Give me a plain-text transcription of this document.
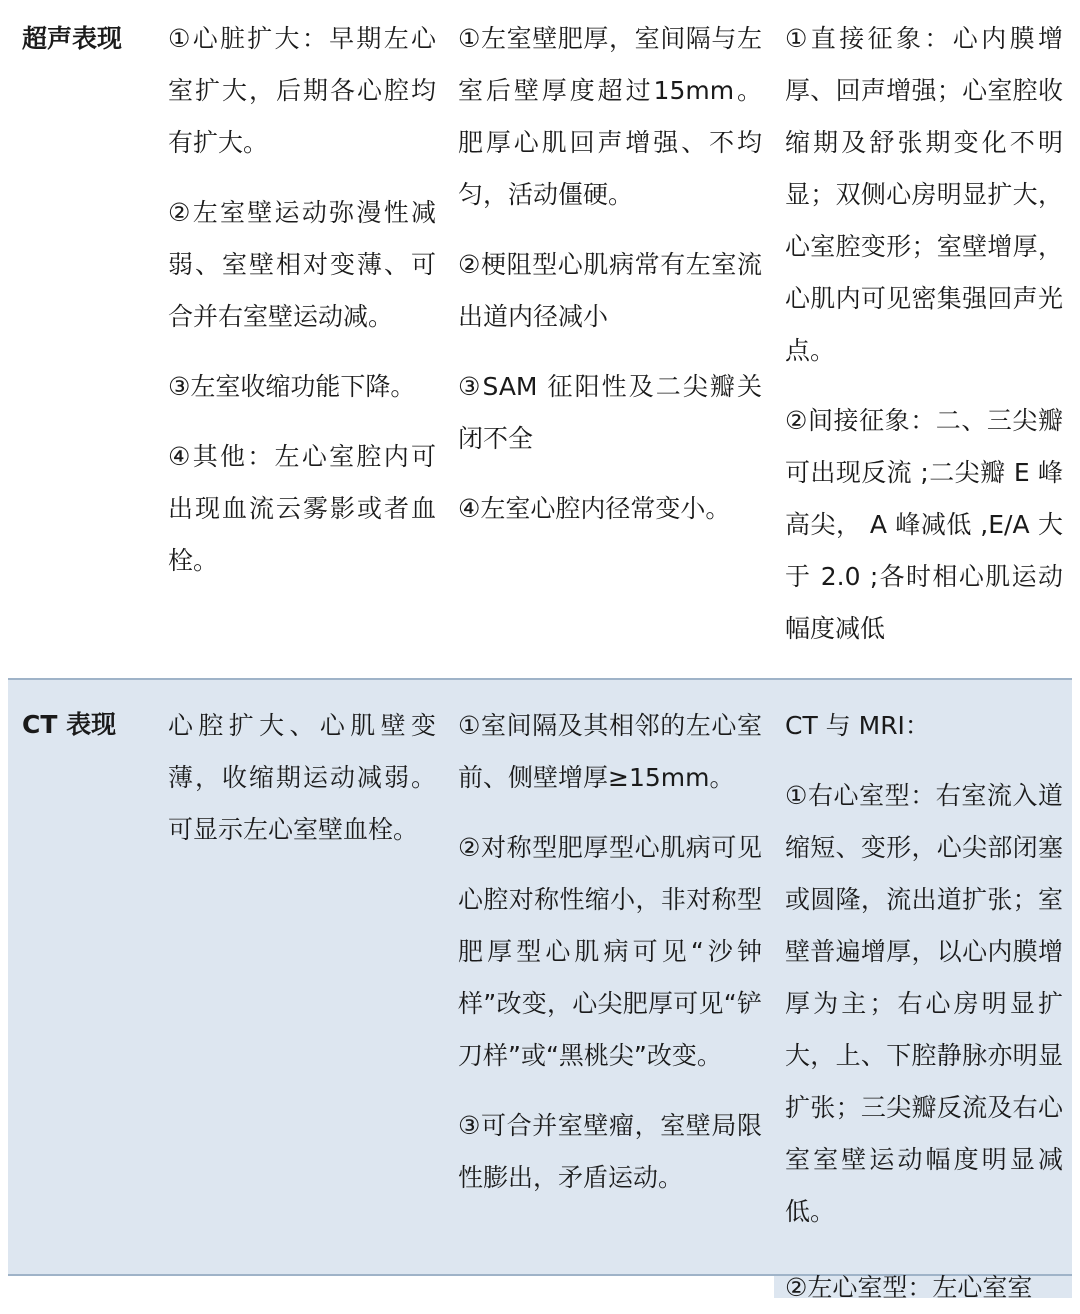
超声表现 ①心脏扩大：早期左心室扩大，后期各心腔均有扩大。

②左室壁运动弥漫性减弱、室壁相对变薄、可合并右室壁运动减。

③左室收缩功能下降。

④其他：左心室腔内可出现血流云雾影或者血栓。

①左室壁肥厚，室间隔与左室后壁厚度超过15mm。肥厚心肌回声增强、不均匀，活动僵硬。

②梗阻型心肌病常有左室流出道内径减小

③SAM 征阳性及二尖瓣关闭不全

④左室心腔内径常变小。

①直接征象：心内膜增厚、回声增强；心室腔收缩期及舒张期变化不明显；双侧心房明显扩大，心室腔变形；室壁增厚，心肌内可见密集强回声光点。

②间接征象：二、三尖瓣可出现反流 ;二尖瓣 E 峰高尖， A 峰减低 ,E/A 大于 2.0 ;各时相心肌运动幅度减低

CT 表现 心腔扩大、心肌壁变薄，收缩期运动减弱。可显示左心室壁血栓。

①室间隔及其相邻的左心室前、侧壁增厚≥15mm。

②对称型肥厚型心肌病可见心腔对称性缩小，非对称型肥厚型心肌病可见“沙钟样”改变，心尖肥厚可见“铲刀样”或“黑桃尖”改变。

③可合并室壁瘤，室壁局限性膨出，矛盾运动。

CT 与 MRI：

①右心室型：右室流入道缩短、变形，心尖部闭塞或圆隆，流出道扩张；室壁普遍增厚，以心内膜增厚为主；右心房明显扩大，上、下腔静脉亦明显扩张；三尖瓣反流及右心室室壁运动幅度明显减低。

②左心室型：左心室室
